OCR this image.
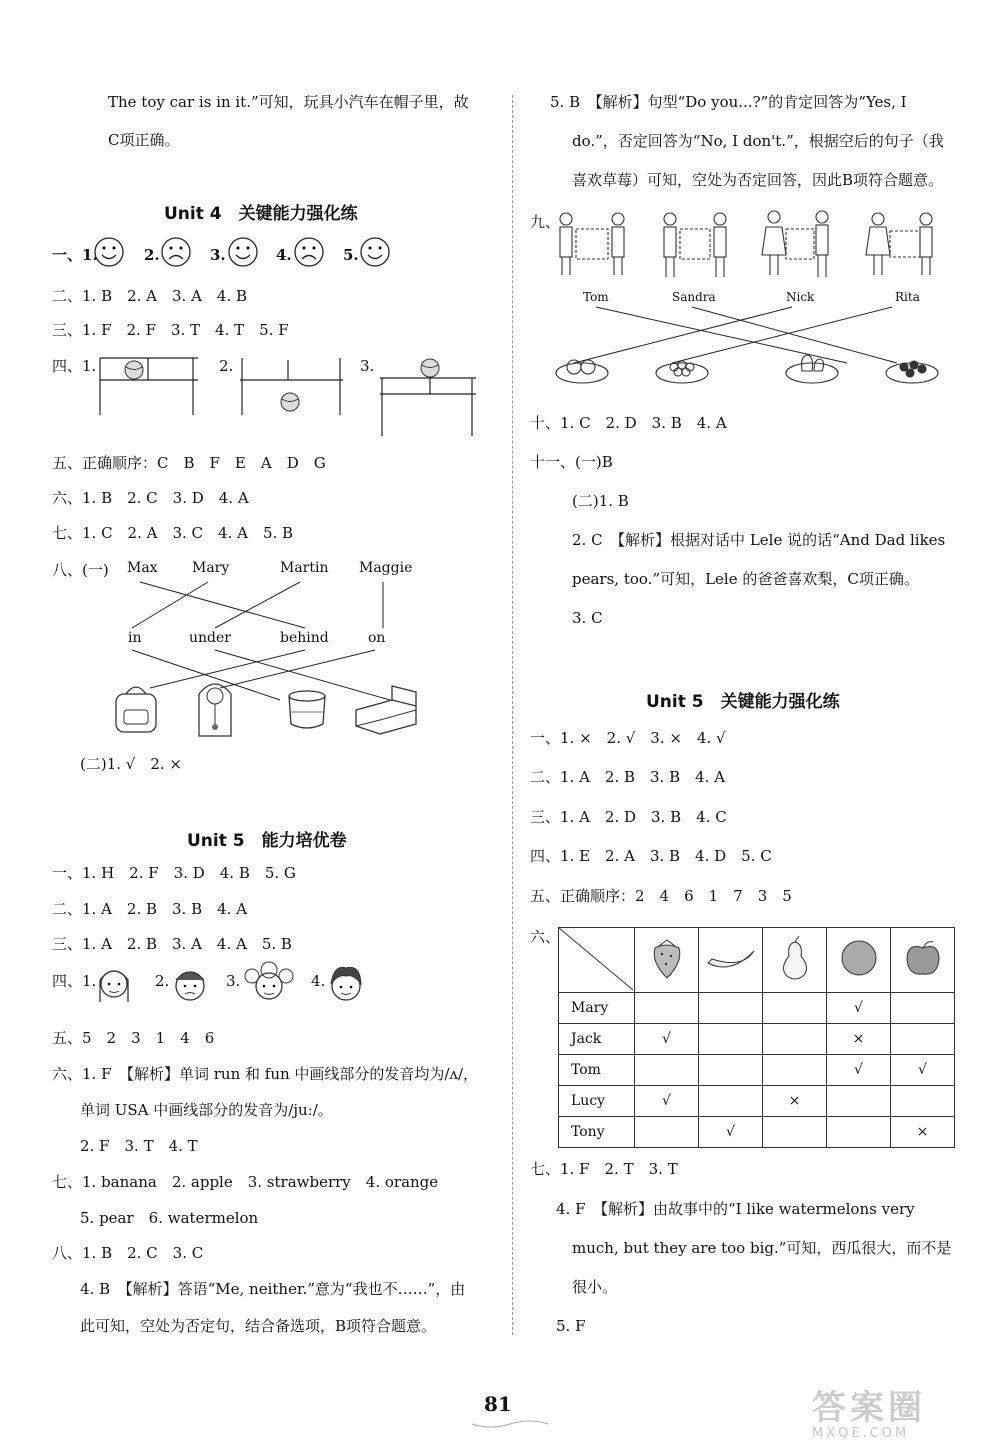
The toy car is in it.”可知，玩具小汽车在帽子里，故
C项正确。
Unit 4　关键能力强化练
一、1.	2.	3.	4.	5.
二、1. B　2. A　3. A　4. B
三、1. F　2. F　3. T　4. T　5. F
四、1.	2.	3.
五、正确顺序：C　B　F　E　A　D　G
六、1. B　2. C　3. D　4. A
七、1. C　2. A　3. C　4. A　5. B
八、(一) Max Mary	Martin Maggie
in	under	behind	on
(二)1. √　2. ×
Unit 5　能力培优卷
一、1. H　2. F　3. D　4. B　5. G
二、1. A　2. B　3. B　4. A
三、1. A　2. B　3. A　4. A　5. B
四、1.	2.	3.	4.
五、5　2　3　1　4　6
六、1. F　【解析】单词 run 和 fun 中画线部分的发音均为/ʌ/，
单词 USA 中画线部分的发音为/juː/。
2. F　3. T　4. T
七、1. banana　2. apple　3. strawberry　4. orange
5. pear　6. watermelon
八、1. B　2. C　3. C
4. B　【解析】答语“Me, neither.”意为“我也不……”，由
此可知，空处为否定句，结合备选项，B项符合题意。
5. B　【解析】句型“Do you...?”的肯定回答为“Yes, I
do.”，否定回答为“No, I don't.”，根据空后的句子（我
喜欢草莓）可知，空处为否定回答，因此B项符合题意。
九、
Tom	Sandra	Nick	Rita
十、1. C　2. D　3. B　4. A
十一、(一)B
(二)1. B
2. C　【解析】根据对话中 Lele 说的话“And Dad likes
pears, too.”可知，Lele 的爸爸喜欢梨，C项正确。
3. C
Unit 5　关键能力强化练
一、1. ×　2. √　3. ×　4. √
二、1. A　2. B　3. B　4. A
三、1. A　2. D　3. B　4. C
四、1. E　2. A　3. B　4. D　5. C
五、正确顺序：2　4　6　1　7　3　5
六、

Mary				√	
Jack	√			×	
Tom				√	√
Lucy	√		×		
Tony		√			×
七、1. F　2. T　3. T
4. F　【解析】由故事中的“I like watermelons very
much, but they are too big.”可知，西瓜很大，而不是
很小。
5. F
81	答案圈
MXQE.COM
